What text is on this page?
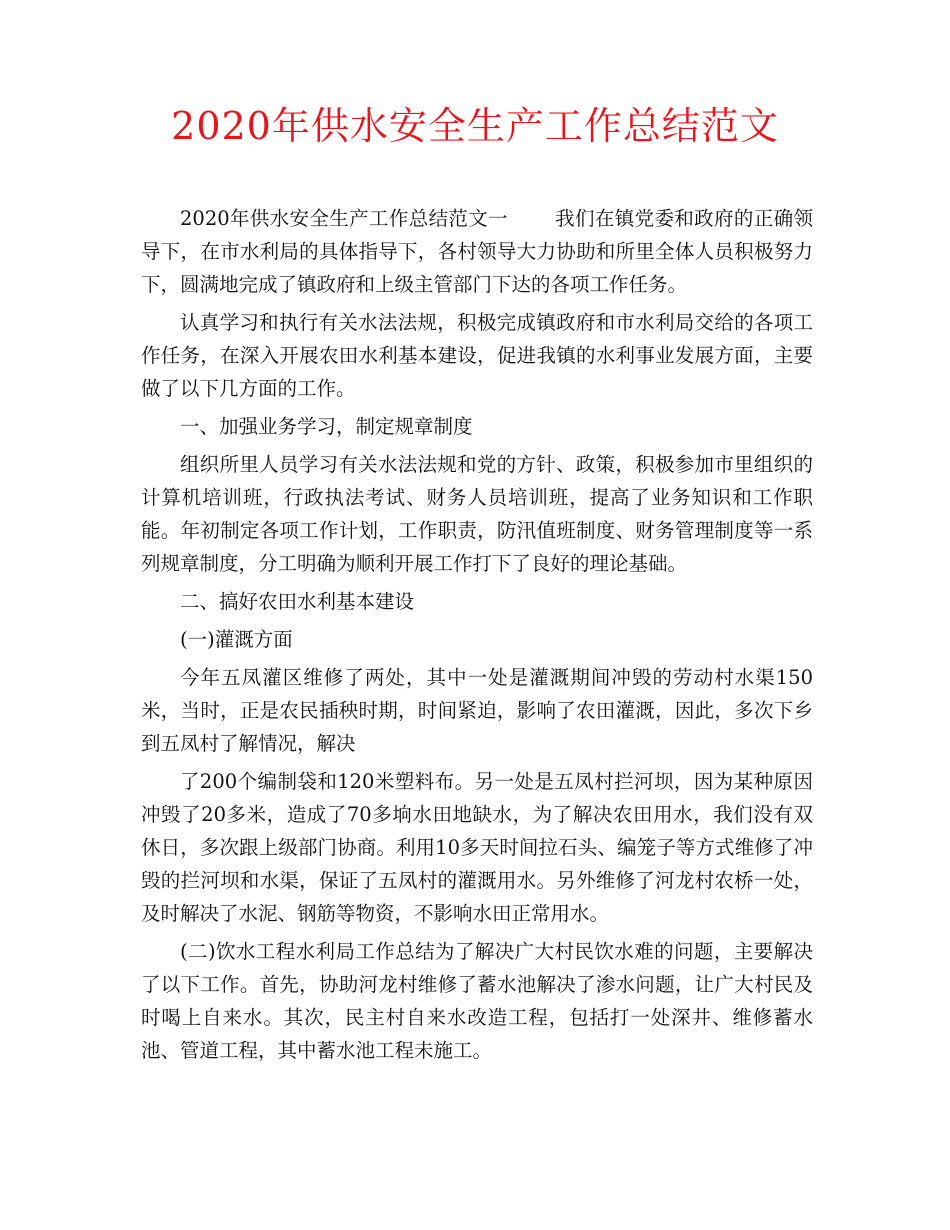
2020年供水安全生产工作总结范文

2020年供水安全生产工作总结范文一 我们在镇党委和政府的正确领导下，在市水利局的具体指导下，各村领导大力协助和所里全体人员积极努力下，圆满地完成了镇政府和上级主管部门下达的各项工作任务。

认真学习和执行有关水法法规，积极完成镇政府和市水利局交给的各项工作任务，在深入开展农田水利基本建设，促进我镇的水利事业发展方面，主要做了以下几方面的工作。

一、加强业务学习，制定规章制度

组织所里人员学习有关水法法规和党的方针、政策，积极参加市里组织的计算机培训班，行政执法考试、财务人员培训班，提高了业务知识和工作职能。年初制定各项工作计划，工作职责，防汛值班制度、财务管理制度等一系列规章制度，分工明确为顺利开展工作打下了良好的理论基础。

二、搞好农田水利基本建设

(一)灌溉方面

今年五凤灌区维修了两处，其中一处是灌溉期间冲毁的劳动村水渠150米，当时，正是农民插秧时期，时间紧迫，影响了农田灌溉，因此，多次下乡到五凤村了解情况，解决

了200个编制袋和120米塑料布。另一处是五凤村拦河坝，因为某种原因冲毁了20多米，造成了70多垧水田地缺水，为了解决农田用水，我们没有双休日，多次跟上级部门协商。利用10多天时间拉石头、编笼子等方式维修了冲毁的拦河坝和水渠，保证了五凤村的灌溉用水。另外维修了河龙村农桥一处，及时解决了水泥、钢筋等物资，不影响水田正常用水。

(二)饮水工程水利局工作总结为了解决广大村民饮水难的问题，主要解决了以下工作。首先，协助河龙村维修了蓄水池解决了渗水问题，让广大村民及时喝上自来水。其次，民主村自来水改造工程，包括打一处深井、维修蓄水池、管道工程，其中蓄水池工程未施工。
